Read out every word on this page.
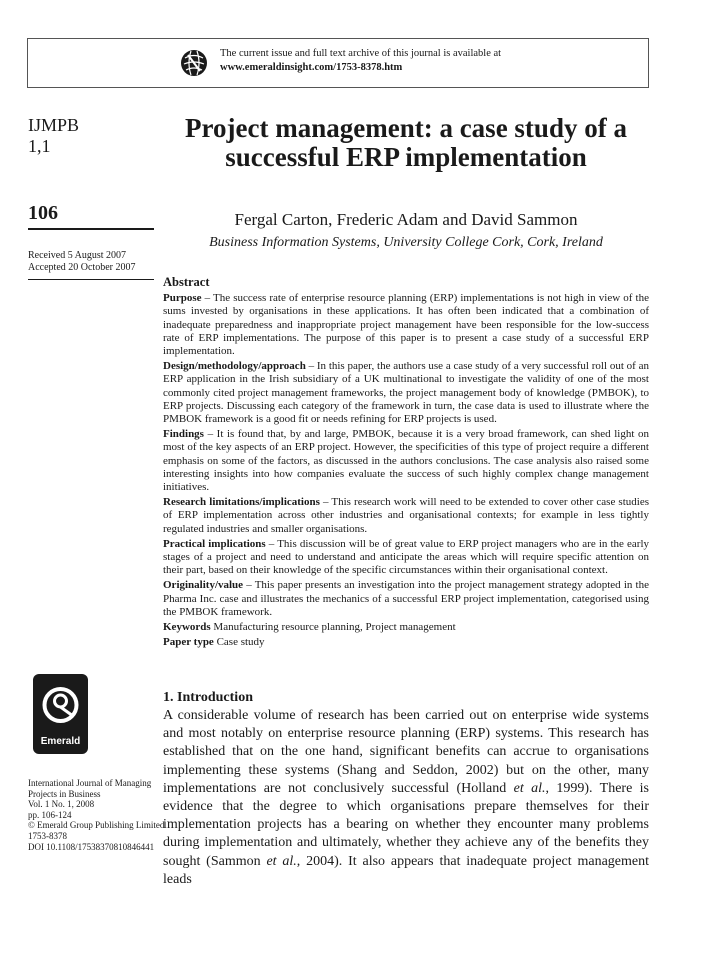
The current issue and full text archive of this journal is available at
www.emeraldinsight.com/1753-8378.htm
IJMPB
1,1
106
Received 5 August 2007
Accepted 20 October 2007
Project management: a case study of a successful ERP implementation
Fergal Carton, Frederic Adam and David Sammon
Business Information Systems, University College Cork, Cork, Ireland
Abstract

Purpose – The success rate of enterprise resource planning (ERP) implementations is not high in view of the sums invested by organisations in these applications. It has often been indicated that a combination of inadequate preparedness and inappropriate project management have been responsible for the low-success rate of ERP implementations. The purpose of this paper is to present a case study of a successful ERP implementation.

Design/methodology/approach – In this paper, the authors use a case study of a very successful roll out of an ERP application in the Irish subsidiary of a UK multinational to investigate the validity of one of the most commonly cited project management frameworks, the project management body of knowledge (PMBOK), to ERP projects. Discussing each category of the framework in turn, the case data is used to illustrate where the PMBOK framework is a good fit or needs refining for ERP projects is used.

Findings – It is found that, by and large, PMBOK, because it is a very broad framework, can shed light on most of the key aspects of an ERP project. However, the specificities of this type of project require a different emphasis on some of the factors, as discussed in the authors conclusions. The case analysis also raised some interesting insights into how companies evaluate the success of such highly complex change management initiatives.

Research limitations/implications – This research work will need to be extended to cover other case studies of ERP implementation across other industries and organisational contexts; for example in less tightly regulated industries and smaller organisations.

Practical implications – This discussion will be of great value to ERP project managers who are in the early stages of a project and need to understand and anticipate the areas which will require specific attention on their part, based on their knowledge of the specific circumstances within their organisational context.

Originality/value – This paper presents an investigation into the project management strategy adopted in the Pharma Inc. case and illustrates the mechanics of a successful ERP project implementation, categorised using the PMBOK framework.

Keywords Manufacturing resource planning, Project management

Paper type Case study

Emerald
International Journal of Managing
Projects in Business
Vol. 1 No. 1, 2008
pp. 106-124
© Emerald Group Publishing Limited
1753-8378
DOI 10.1108/17538370810846441
1. Introduction
A considerable volume of research has been carried out on enterprise wide systems and most notably on enterprise resource planning (ERP) systems. This research has established that on the one hand, significant benefits can accrue to organisations implementing these systems (Shang and Seddon, 2002) but on the other, many implementations are not conclusively successful (Holland et al., 1999). There is evidence that the degree to which organisations prepare themselves for their implementation projects has a bearing on whether they encounter many problems during implementation and ultimately, whether they achieve any of the benefits they sought (Sammon et al., 2004). It also appears that inadequate project management leads
